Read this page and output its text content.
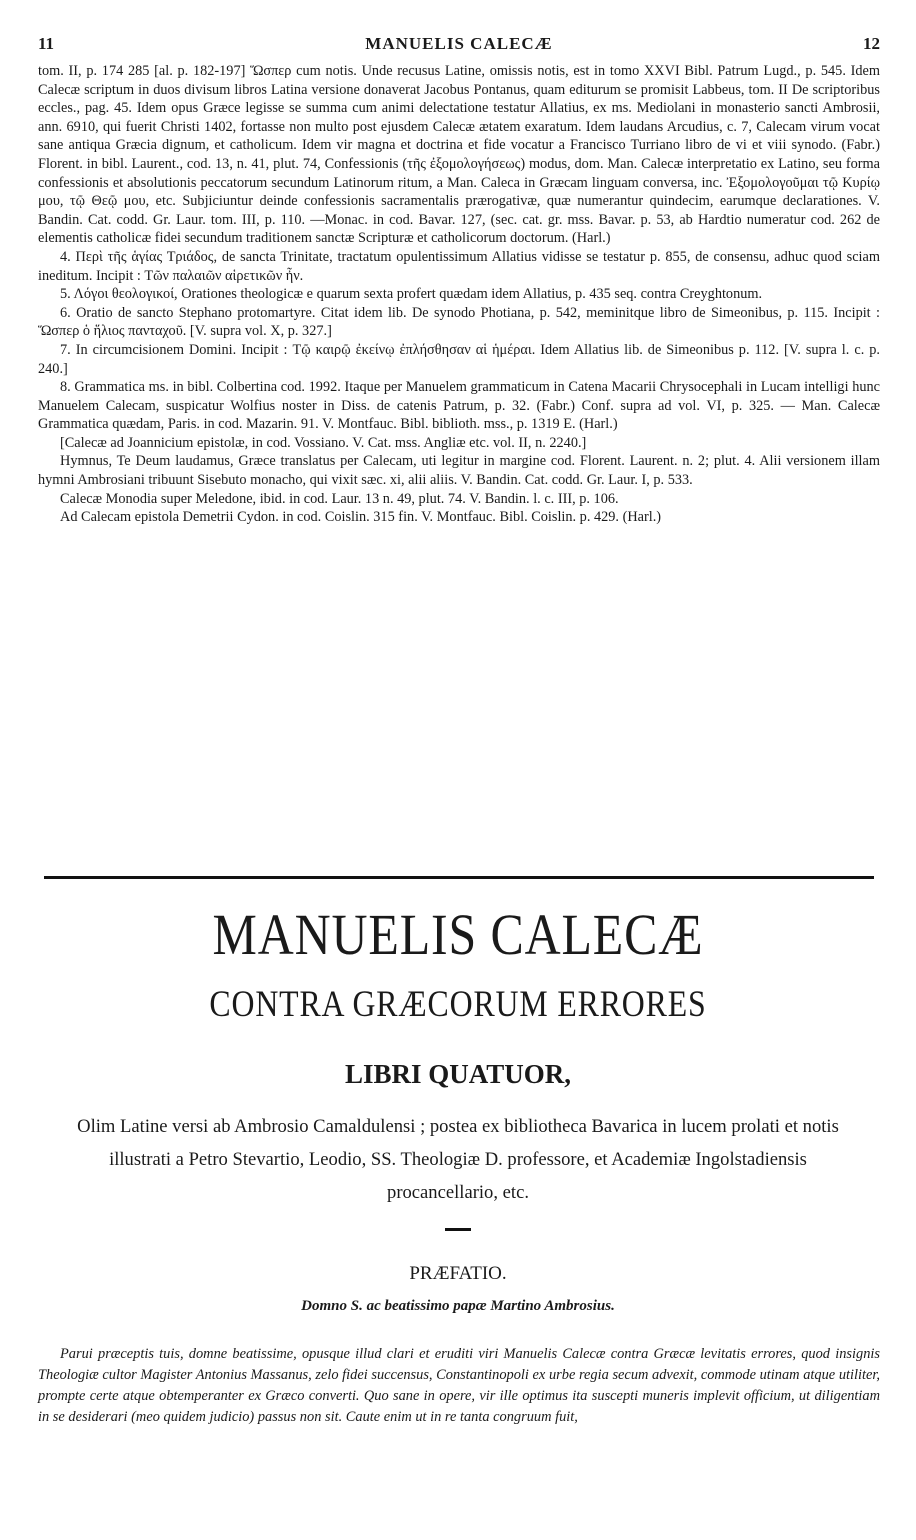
11	MANUELIS CALECÆ	12

tom. II, p. 174 285 [al. p. 182-197] Ὥσπερ cum notis. Unde recusus Latine, omissis notis, est in tomo XXVI Bibl. Patrum Lugd., p. 545. Idem Calecæ scriptum in duos divisum libros Latina versione donaverat Jacobus Pontanus, quam editurum se promisit Labbeus, tom. II De scriptoribus eccles., pag. 45. Idem opus Græce legisse se summa cum animi delectatione testatur Allatius, ex ms. Mediolani in monasterio sancti Ambrosii, ann. 6910, qui fuerit Christi 1402, fortasse non multo post ejusdem Calecæ ætatem exaratum. Idem laudans Arcudius, c. 7, Calecam virum vocat sane antiqua Græcia dignum, et catholicum. Idem vir magna et doctrina et fide vocatur a Francisco Turriano libro de vi et viii synodo. (Fabr.) Florent. in bibl. Laurent., cod. 13, n. 41, plut. 74, Confessionis (τῆς ἐξομολογήσεως) modus, dom. Man. Calecæ interpretatio ex Latino, seu forma confessionis et absolutionis peccatorum secundum Latinorum ritum, a Man. Caleca in Græcam linguam conversa, inc. Ἐξομολογοῦμαι τῷ Κυρίῳ μου, τῷ Θεῷ μου, etc. Subjiciuntur deinde confessionis sacramentalis prærogativæ, quæ numerantur quindecim, earumque declarationes. V. Bandin. Cat. codd. Gr. Laur. tom. III, p. 110. —Monac. in cod. Bavar. 127, (sec. cat. gr. mss. Bavar. p. 53, ab Hardtio numeratur cod. 262 de elementis catholicæ fidei secundum traditionem sanctæ Scripturæ et catholicorum doctorum. (Harl.)

4. Περὶ τῆς ἁγίας Τριάδος, de sancta Trinitate, tractatum opulentissimum Allatius vidisse se testatur p. 855, de consensu, adhuc quod sciam ineditum. Incipit : Τῶν παλαιῶν αἱρετικῶν ἦν.

5. Λόγοι θεολογικοί, Orationes theologicæ e quarum sexta profert quædam idem Allatius, p. 435 seq. contra Creyghtonum.

6. Oratio de sancto Stephano protomartyre. Citat idem lib. De synodo Photiana, p. 542, meminitque libro de Simeonibus, p. 115. Incipit : Ὥσπερ ὁ ἥλιος πανταχοῦ. [V. supra vol. X, p. 327.]

7. In circumcisionem Domini. Incipit : Τῷ καιρῷ ἐκείνῳ ἐπλήσθησαν αἱ ἡμέραι. Idem Allatius lib. de Simeonibus p. 112. [V. supra l. c. p. 240.]

8. Grammatica ms. in bibl. Colbertina cod. 1992. Itaque per Manuelem grammaticum in Catena Macarii Chrysocephali in Lucam intelligi hunc Manuelem Calecam, suspicatur Wolfius noster in Diss. de catenis Patrum, p. 32. (Fabr.) Conf. supra ad vol. VI, p. 325. — Man. Calecæ Grammatica quædam, Paris. in cod. Mazarin. 91. V. Montfauc. Bibl. biblioth. mss., p. 1319 E. (Harl.)

[Calecæ ad Joannicium epistolæ, in cod. Vossiano. V. Cat. mss. Angliæ etc. vol. II, n. 2240.]

Hymnus, Te Deum laudamus, Græce translatus per Calecam, uti legitur in margine cod. Florent. Laurent. n. 2; plut. 4. Alii versionem illam hymni Ambrosiani tribuunt Sisebuto monacho, qui vixit sæc. xi, alii aliis. V. Bandin. Cat. codd. Gr. Laur. I, p. 533.

Calecæ Monodia super Meledone, ibid. in cod. Laur. 13 n. 49, plut. 74. V. Bandin. l. c. III, p. 106.

Ad Calecam epistola Demetrii Cydon. in cod. Coislin. 315 fin. V. Montfauc. Bibl. Coislin. p. 429. (Harl.)

MANUELIS CALECÆ
CONTRA GRÆCORUM ERRORES
LIBRI QUATUOR,
Olim Latine versi ab Ambrosio Camaldulensi ; postea ex bibliotheca Bavarica in lucem prolati et notis illustrati a Petro Stevartio, Leodio, SS. Theologiæ D. professore, et Academiæ Ingolstadiensis procancellario, etc.
PRÆFATIO.
Domno S. ac beatissimo papæ Martino Ambrosius.

Parui præceptis tuis, domne beatissime, opusque illud clari et eruditi viri Manuelis Calecæ contra Græcæ levitatis errores, quod insignis Theologiæ cultor Magister Antonius Massanus, zelo fidei succensus, Constantinopoli ex urbe regia secum advexit, commode utinam atque utiliter, prompte certe atque obtemperanter ex Græco converti. Quo sane in opere, vir ille optimus ita suscepti muneris implevit officium, ut diligentiam in se desiderari (meo quidem judicio) passus non sit. Caute enim ut in re tanta congruum fuit,
